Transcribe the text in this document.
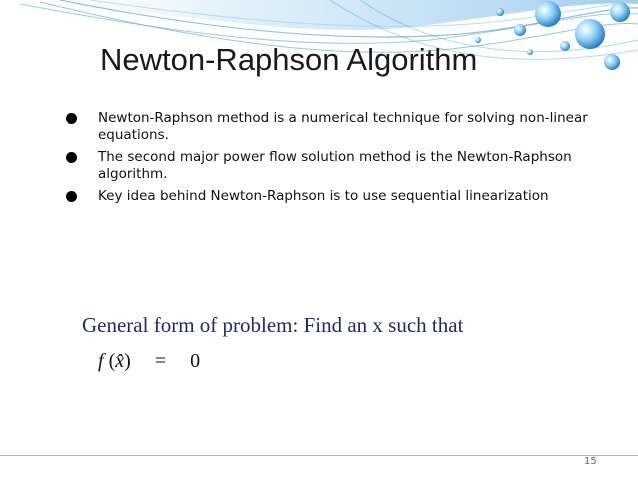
Newton-Raphson Algorithm
Newton-Raphson method is a numerical technique for solving non-linear equations.
The second major power flow solution method is the Newton-Raphson algorithm.
Key idea behind Newton-Raphson is to use sequential linearization

General form of problem: Find an x such that

f (x̂) = 0
15
